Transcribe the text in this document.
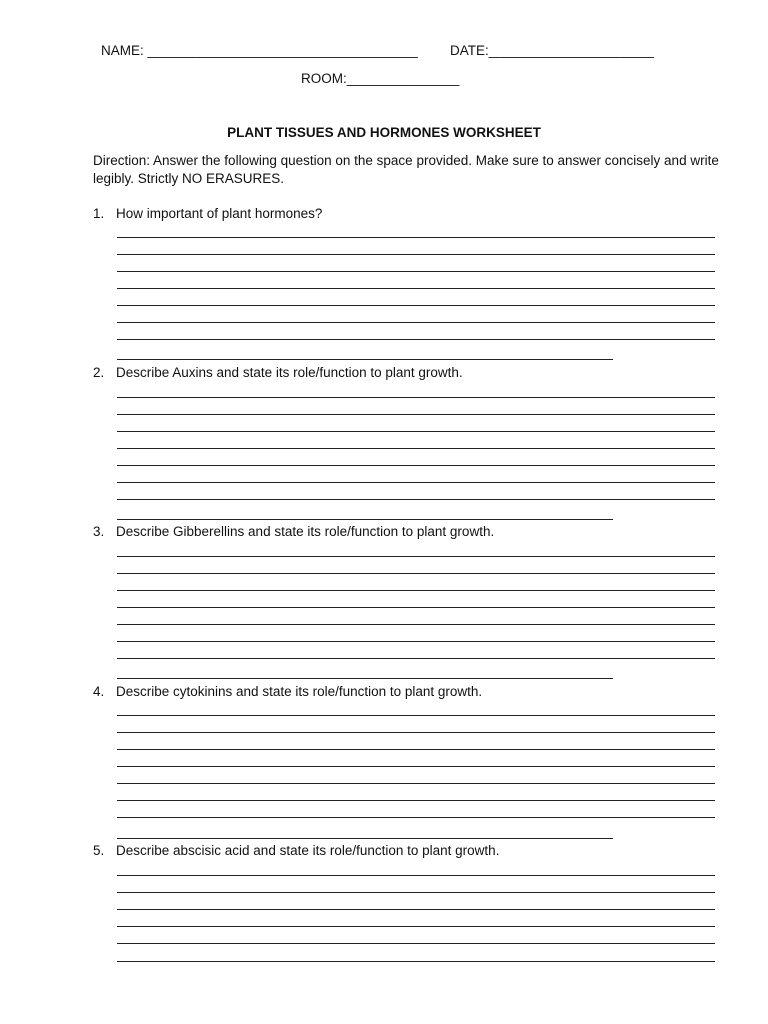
NAME: ____________________________________ DATE:______________________
ROOM:_______________
PLANT TISSUES AND HORMONES WORKSHEET
Direction: Answer the following question on the space provided. Make sure to answer concisely and write legibly. Strictly NO ERASURES.
1. How important of plant hormones?
2. Describe Auxins and state its role/function to plant growth.
3. Describe Gibberellins and state its role/function to plant growth.
4. Describe cytokinins and state its role/function to plant growth.
5. Describe abscisic acid and state its role/function to plant growth.
